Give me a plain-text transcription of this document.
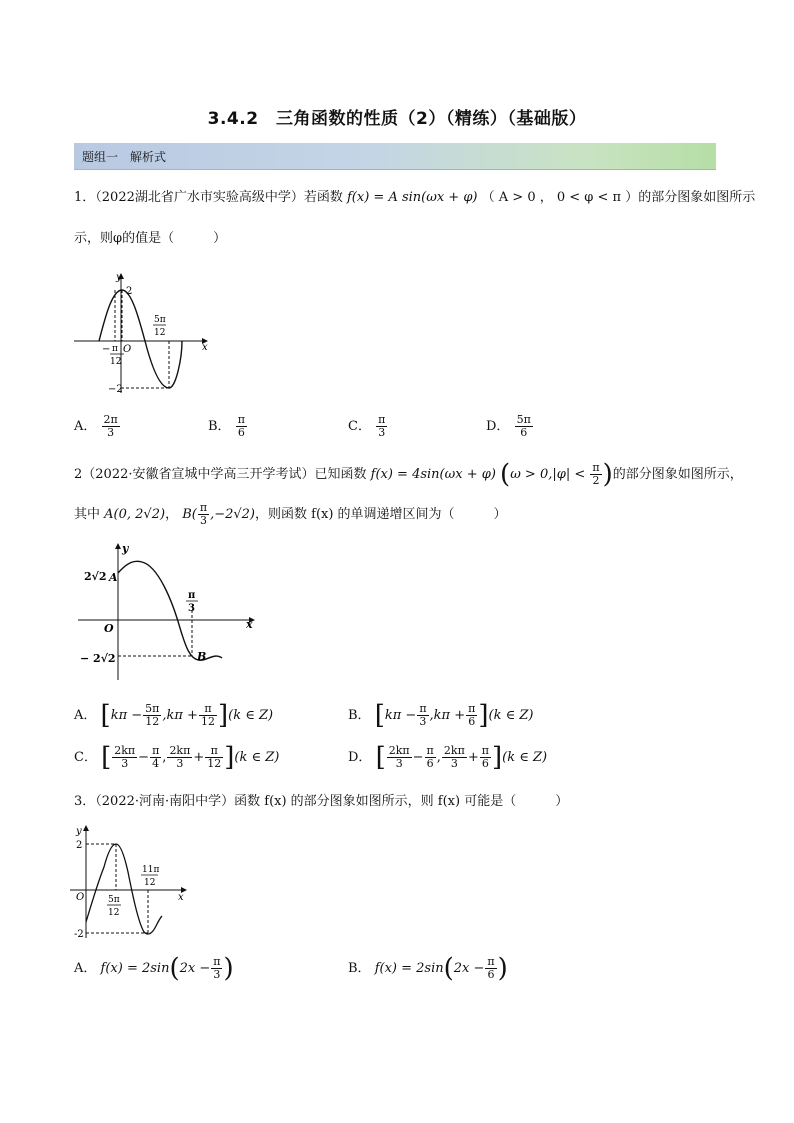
3.4.2　三角函数的性质（2）（精练）（基础版）
题组一　解析式
1．（2022湖北省广水市实验高级中学）若函数 f(x) = A sin(ωx + φ) （ A > 0 ， 0 < φ < π ）的部分图象如图所示
示，则φ的值是（　　　）
y
x
2
−2
O
− π
12
5π
12
A． $\frac{2\pi}{3}$	B． $\frac{\pi}{6}$	C． $\frac{\pi}{3}$	D． $\frac{5\pi}{6}$
2（2022·安徽省宣城中学高三开学考试）已知函数 f(x) = 4sin(ωx + φ) ($\omega > 0,|\varphi| < \frac{\pi}{2}$ )的部分图象如图所示，
其中 A(0, 2√2)， $B( \frac{\pi}{3} ,-2√2)$，则函数 f(x) 的单调递增区间为（　　　）
y
x
O
2√2 A
− 2√2	B
π
3
A． $[k\pi - \frac{5\pi}{12} ,k\pi + \frac{\pi}{12} ](k$ ∈ Z)	B． $[k\pi - \frac{\pi}{3} ,k\pi + \frac{\pi}{6} ](k$ ∈ Z)
C． [ $\frac{2k\pi}{3} - \frac{\pi}{4}$ , $\frac{2k\pi}{3} + \frac{\pi}{12} ](k$ ∈ Z)	D． [ $\frac{2k\pi}{3} - \frac{\pi}{6}$ , $\frac{2k\pi}{3} + \frac{\pi}{6} ](k$ ∈ Z)
3．（2022·河南·南阳中学）函数 f(x) 的部分图象如图所示，则 f(x) 可能是（　　　）
y
x
O
2
-2
5π
12
11π
12
A． $f(x) = 2\sin(2x - \frac{\pi}{3}$ )	B． $f(x) = 2\sin(2x - \frac{\pi}{6}$ )
